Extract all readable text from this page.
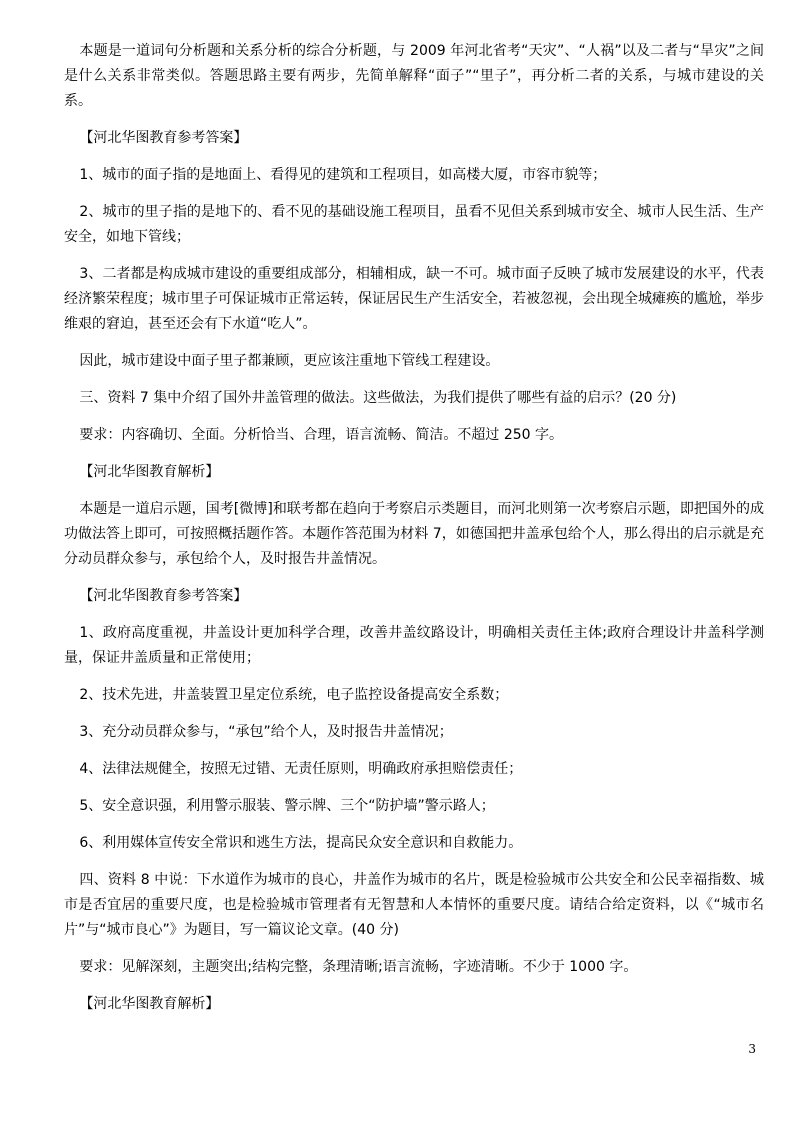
本题是一道词句分析题和关系分析的综合分析题，与 2009 年河北省考“天灾”、“人祸”以及二者与“旱灾”之间是什么关系非常类似。答题思路主要有两步，先简单解释“面子”“里子”，再分析二者的关系，与城市建设的关系。

【河北华图教育参考答案】

1、城市的面子指的是地面上、看得见的建筑和工程项目，如高楼大厦，市容市貌等；

2、城市的里子指的是地下的、看不见的基础设施工程项目，虽看不见但关系到城市安全、城市人民生活、生产安全，如地下管线；

3、二者都是构成城市建设的重要组成部分，相辅相成，缺一不可。城市面子反映了城市发展建设的水平，代表经济繁荣程度；城市里子可保证城市正常运转，保证居民生产生活安全，若被忽视，会出现全城瘫痪的尴尬，举步维艰的窘迫，甚至还会有下水道“吃人”。

因此，城市建设中面子里子都兼顾，更应该注重地下管线工程建设。

三、资料 7 集中介绍了国外井盖管理的做法。这些做法，为我们提供了哪些有益的启示？(20 分)

要求：内容确切、全面。分析恰当、合理，语言流畅、简洁。不超过 250 字。

【河北华图教育解析】

本题是一道启示题，国考[微博]和联考都在趋向于考察启示类题目，而河北则第一次考察启示题，即把国外的成功做法答上即可，可按照概括题作答。本题作答范围为材料 7，如德国把井盖承包给个人，那么得出的启示就是充分动员群众参与，承包给个人，及时报告井盖情况。

【河北华图教育参考答案】

1、政府高度重视，井盖设计更加科学合理，改善井盖纹路设计，明确相关责任主体;政府合理设计井盖科学测量，保证井盖质量和正常使用；

2、技术先进，井盖装置卫星定位系统，电子监控设备提高安全系数；

3、充分动员群众参与，“承包”给个人，及时报告井盖情况；

4、法律法规健全，按照无过错、无责任原则，明确政府承担赔偿责任；

5、安全意识强，利用警示服装、警示牌、三个“防护墙”警示路人；

6、利用媒体宣传安全常识和逃生方法，提高民众安全意识和自救能力。

四、资料 8 中说：下水道作为城市的良心，井盖作为城市的名片，既是检验城市公共安全和公民幸福指数、城市是否宜居的重要尺度，也是检验城市管理者有无智慧和人本情怀的重要尺度。请结合给定资料，以《“城市名片”与“城市良心”》为题目，写一篇议论文章。(40 分)

要求：见解深刻，主题突出;结构完整，条理清晰;语言流畅，字迹清晰。不少于 1000 字。

【河北华图教育解析】

3
